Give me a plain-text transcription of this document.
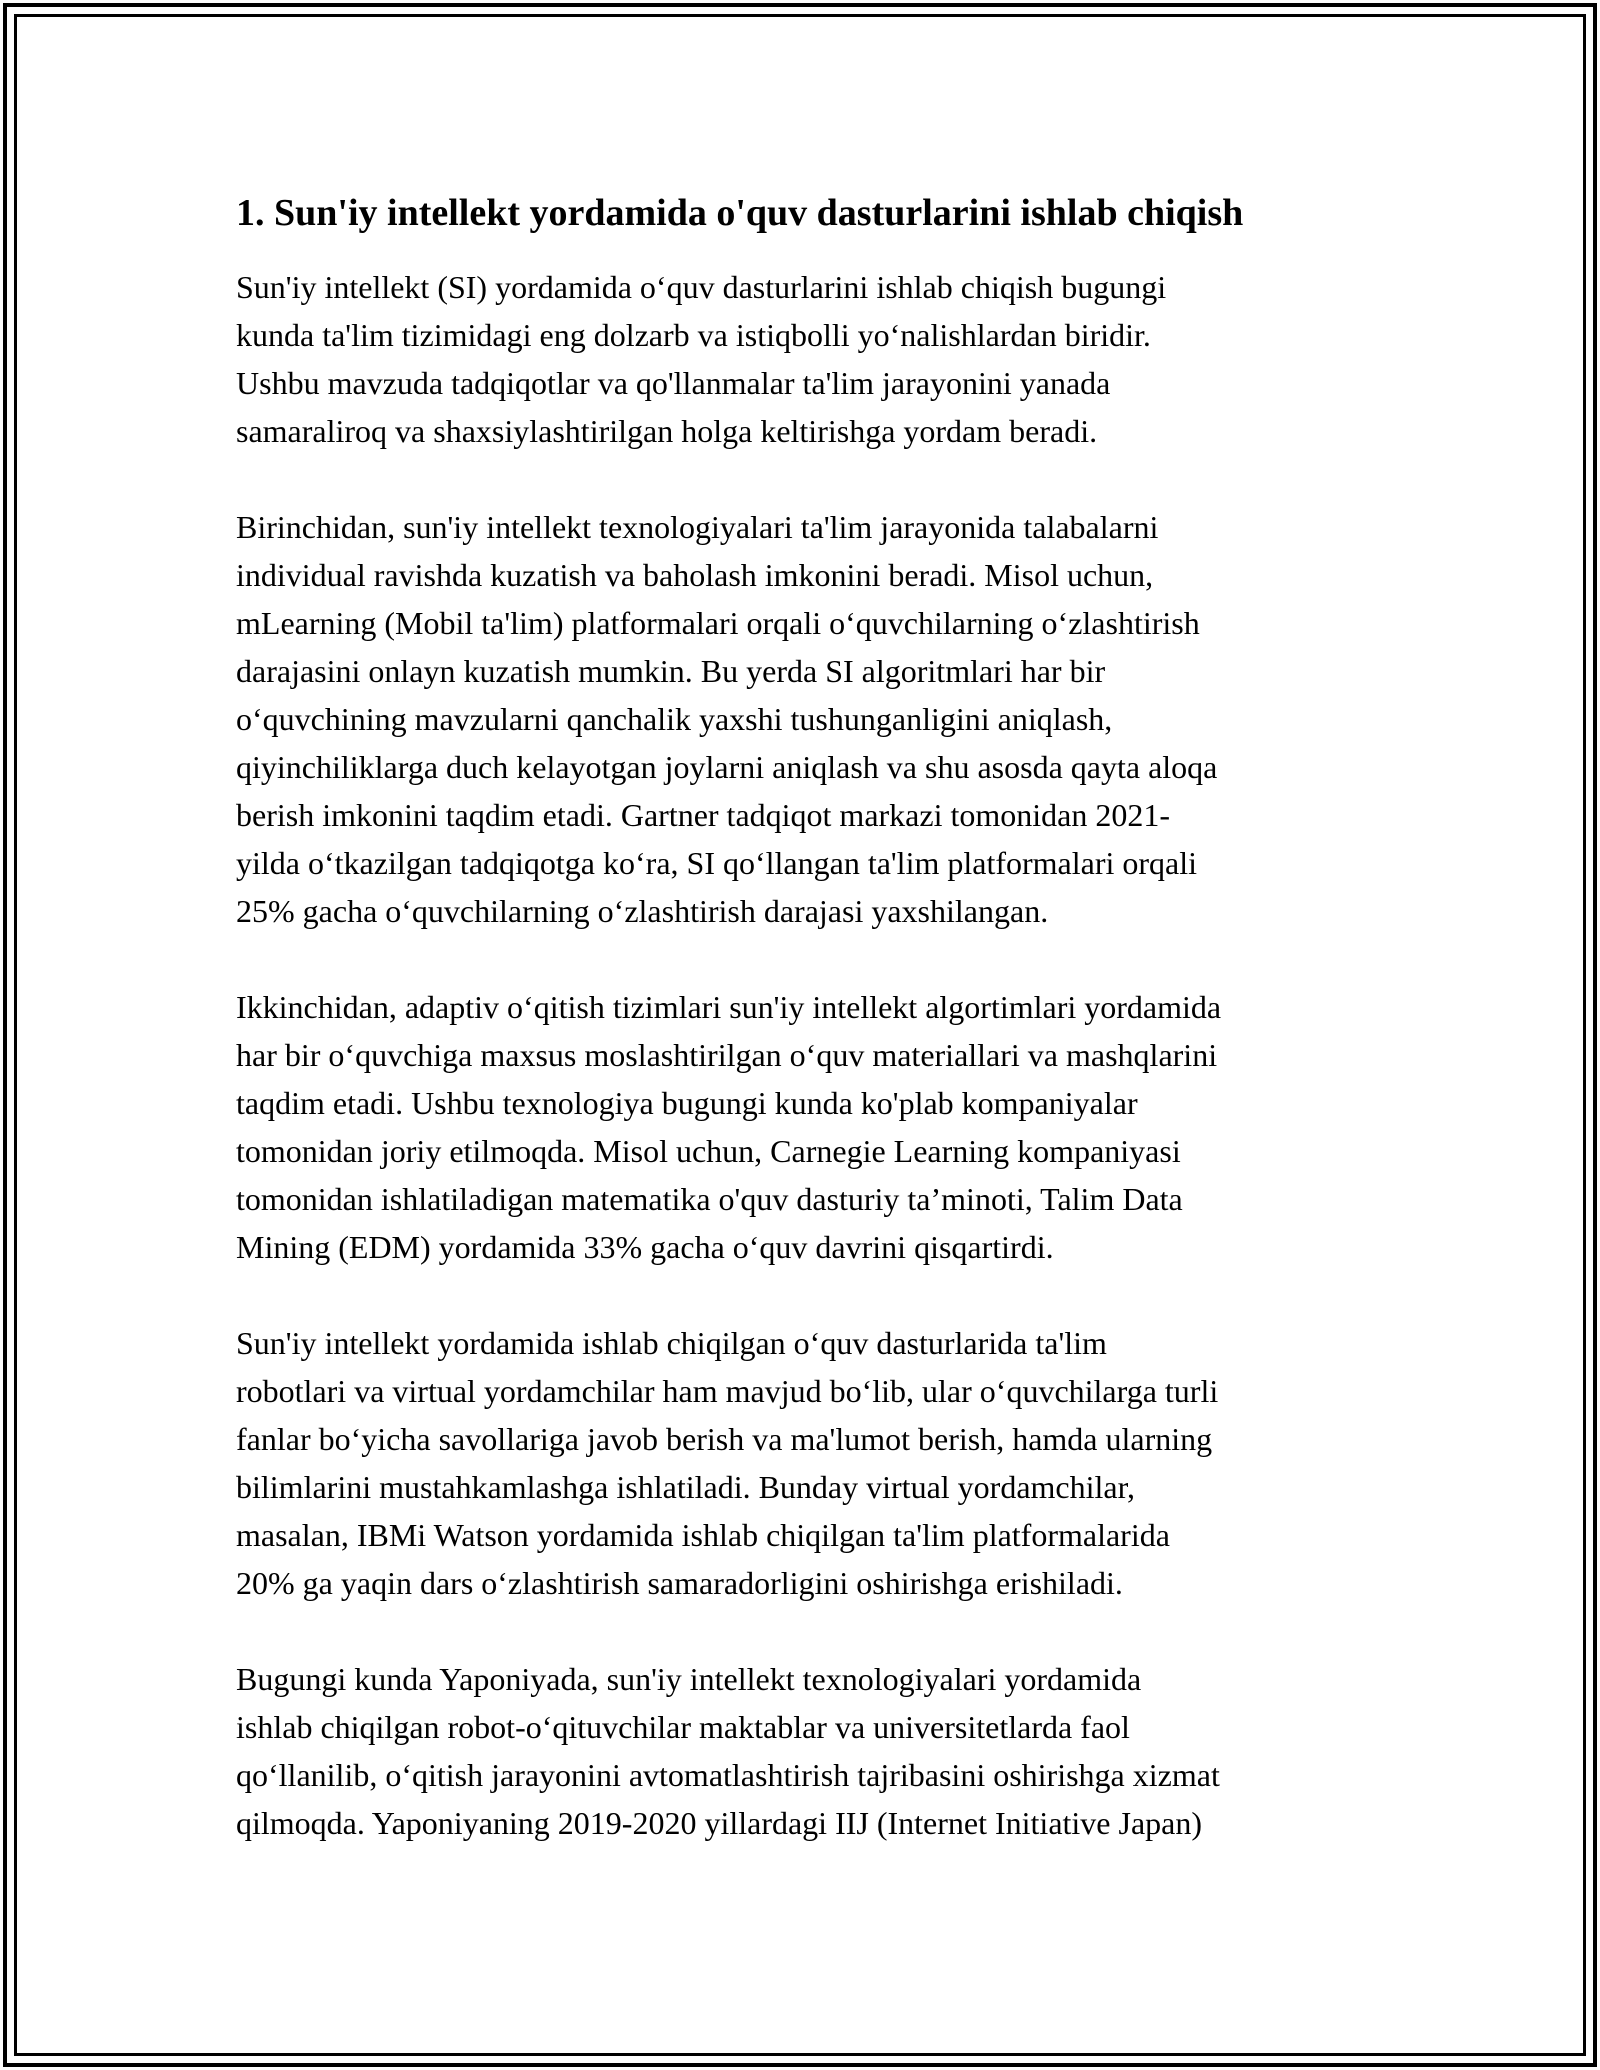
1. Sun'iy intellekt yordamida o'quv dasturlarini ishlab chiqish

Sun'iy intellekt (SI) yordamida o‘quv dasturlarini ishlab chiqish bugungi
kunda ta'lim tizimidagi eng dolzarb va istiqbolli yo‘nalishlardan biridir.
Ushbu mavzuda tadqiqotlar va qo'llanmalar ta'lim jarayonini yanada
samaraliroq va shaxsiylashtirilgan holga keltirishga yordam beradi.

Birinchidan, sun'iy intellekt texnologiyalari ta'lim jarayonida talabalarni
individual ravishda kuzatish va baholash imkonini beradi. Misol uchun,
mLearning (Mobil ta'lim) platformalari orqali o‘quvchilarning o‘zlashtirish
darajasini onlayn kuzatish mumkin. Bu yerda SI algoritmlari har bir
o‘quvchining mavzularni qanchalik yaxshi tushunganligini aniqlash,
qiyinchiliklarga duch kelayotgan joylarni aniqlash va shu asosda qayta aloqa
berish imkonini taqdim etadi. Gartner tadqiqot markazi tomonidan 2021-
yilda o‘tkazilgan tadqiqotga ko‘ra, SI qo‘llangan ta'lim platformalari orqali
25% gacha o‘quvchilarning o‘zlashtirish darajasi yaxshilangan.

Ikkinchidan, adaptiv o‘qitish tizimlari sun'iy intellekt algortimlari yordamida
har bir o‘quvchiga maxsus moslashtirilgan o‘quv materiallari va mashqlarini
taqdim etadi. Ushbu texnologiya bugungi kunda ko'plab kompaniyalar
tomonidan joriy etilmoqda. Misol uchun, Carnegie Learning kompaniyasi
tomonidan ishlatiladigan matematika o'quv dasturiy ta’minoti, Talim Data
Mining (EDM) yordamida 33% gacha o‘quv davrini qisqartirdi.

Sun'iy intellekt yordamida ishlab chiqilgan o‘quv dasturlarida ta'lim
robotlari va virtual yordamchilar ham mavjud bo‘lib, ular o‘quvchilarga turli
fanlar bo‘yicha savollariga javob berish va ma'lumot berish, hamda ularning
bilimlarini mustahkamlashga ishlatiladi. Bunday virtual yordamchilar,
masalan, IBMi Watson yordamida ishlab chiqilgan ta'lim platformalarida
20% ga yaqin dars o‘zlashtirish samaradorligini oshirishga erishiladi.

Bugungi kunda Yaponiyada, sun'iy intellekt texnologiyalari yordamida
ishlab chiqilgan robot-o‘qituvchilar maktablar va universitetlarda faol
qo‘llanilib, o‘qitish jarayonini avtomatlashtirish tajribasini oshirishga xizmat
qilmoqda. Yaponiyaning 2019-2020 yillardagi IIJ (Internet Initiative Japan)
